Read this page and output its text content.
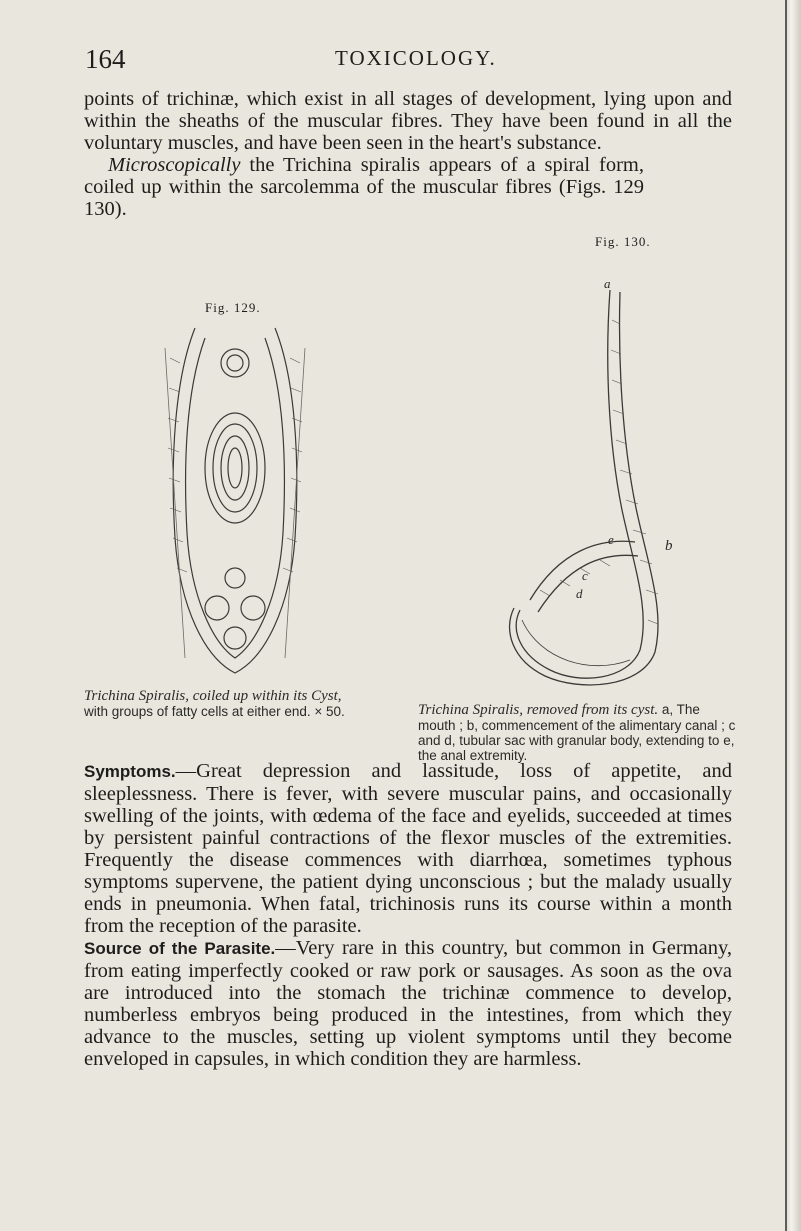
164	TOXICOLOGY.

points of trichinæ, which exist in all stages of development, lying upon and within the sheaths of the muscular fibres. They have been found in all the voluntary muscles, and have been seen in the heart's substance.

Microscopically the Trichina spiralis appears of a spiral form, coiled up within the sarcolemma of the muscular fibres (Figs. 129 130).

Fig. 130.
Fig. 129.
a
b
c
d
e
Trichina Spiralis, coiled up within its Cyst, with groups of fatty cells at either end. × 50.	Trichina Spiralis, removed from its cyst. a, The mouth ; b, commencement of the alimentary canal ; c and d, tubular sac with granular body, extending to e, the anal extremity.

Symptoms.—Great depression and lassitude, loss of appetite, and sleeplessness. There is fever, with severe muscular pains, and occasionally swelling of the joints, with œdema of the face and eyelids, succeeded at times by persistent painful contractions of the flexor muscles of the extremities. Frequently the disease commences with diarrhœa, sometimes typhous symptoms supervene, the patient dying unconscious ; but the malady usually ends in pneumonia. When fatal, trichinosis runs its course within a month from the reception of the parasite.

Source of the Parasite.—Very rare in this country, but common in Germany, from eating imperfectly cooked or raw pork or sausages. As soon as the ova are introduced into the stomach the trichinæ commence to develop, numberless embryos being produced in the intestines, from which they advance to the muscles, setting up violent symptoms until they become enveloped in capsules, in which condition they are harmless.
